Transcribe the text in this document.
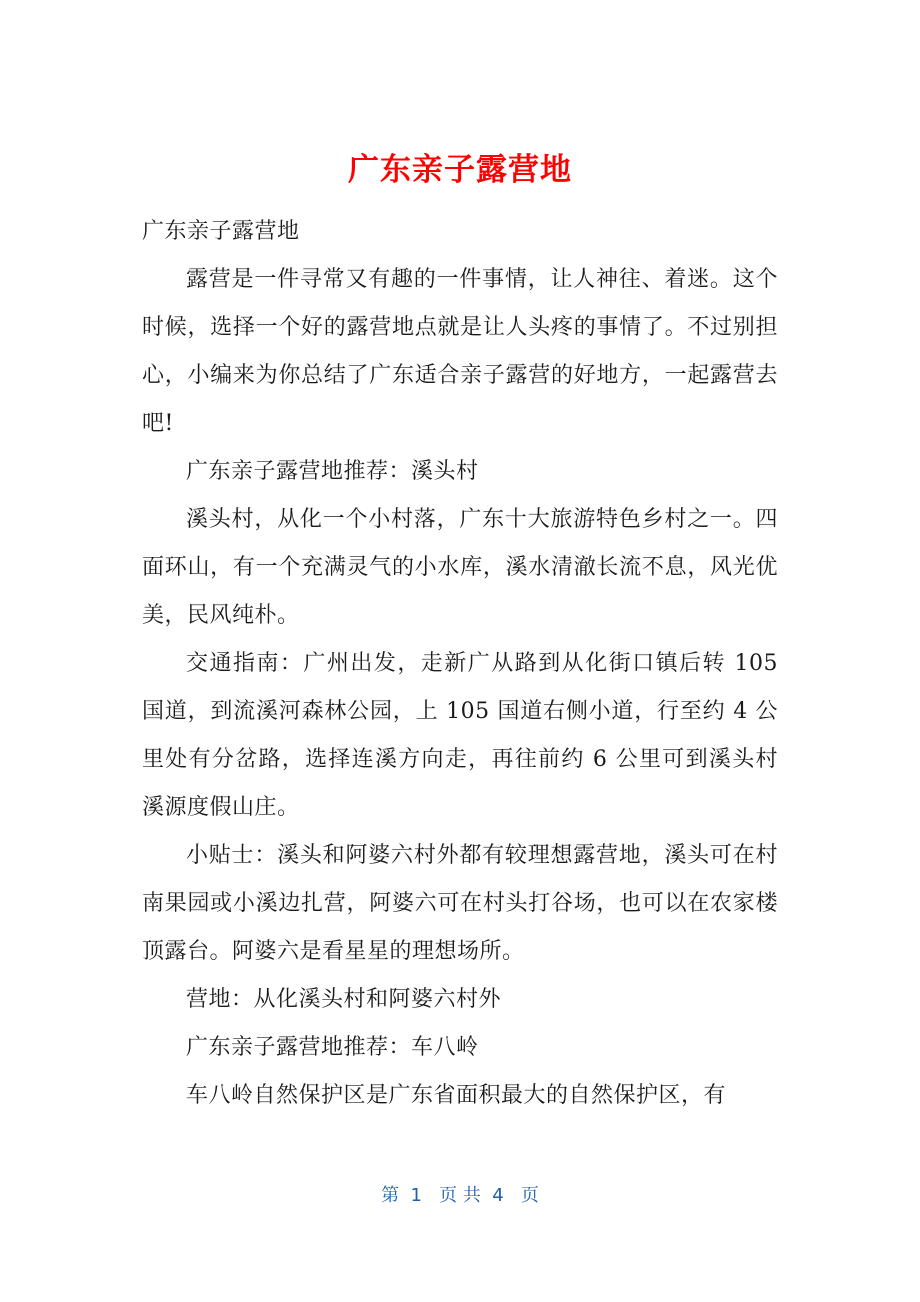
广东亲子露营地

广东亲子露营地

露营是一件寻常又有趣的一件事情，让人神往、着迷。这个时候，选择一个好的露营地点就是让人头疼的事情了。不过别担心，小编来为你总结了广东适合亲子露营的好地方，一起露营去吧!

广东亲子露营地推荐：溪头村

溪头村，从化一个小村落，广东十大旅游特色乡村之一。四面环山，有一个充满灵气的小水库，溪水清澈长流不息，风光优美，民风纯朴。

交通指南：广州出发，走新广从路到从化街口镇后转 105 国道，到流溪河森林公园，上 105 国道右侧小道，行至约 4 公里处有分岔路，选择连溪方向走，再往前约 6 公里可到溪头村溪源度假山庄。

小贴士：溪头和阿婆六村外都有较理想露营地，溪头可在村南果园或小溪边扎营，阿婆六可在村头打谷场，也可以在农家楼顶露台。阿婆六是看星星的理想场所。

营地：从化溪头村和阿婆六村外

广东亲子露营地推荐：车八岭

车八岭自然保护区是广东省面积最大的自然保护区，有

第  1   页 共  4   页
